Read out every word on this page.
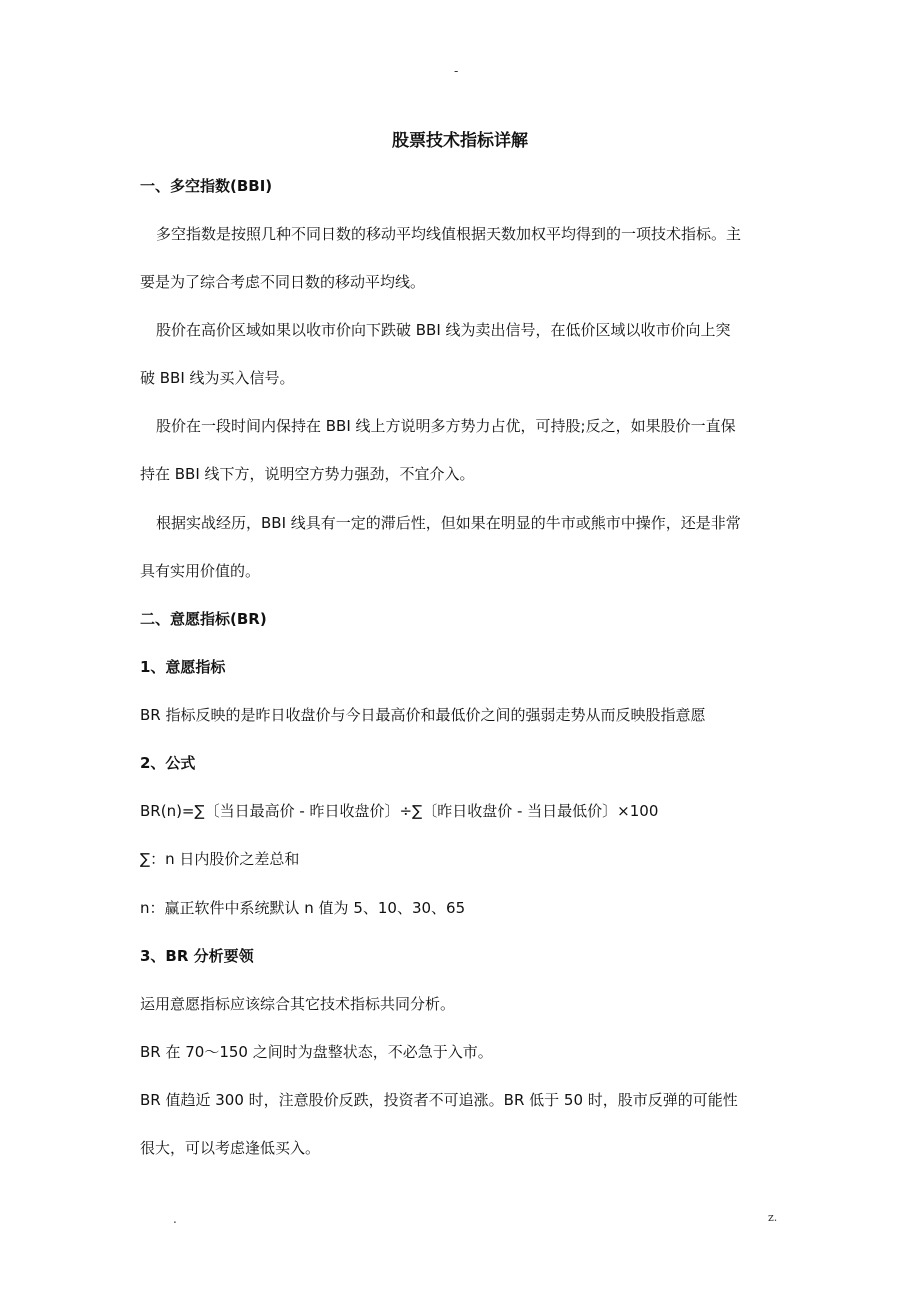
-
股票技术指标详解
一、多空指数(BBI)
多空指数是按照几种不同日数的移动平均线值根据天数加权平均得到的一项技术指标。主
要是为了综合考虑不同日数的移动平均线。
股价在高价区域如果以收市价向下跌破 BBI 线为卖出信号，在低价区域以收市价向上突
破 BBI 线为买入信号。
股价在一段时间内保持在 BBI 线上方说明多方势力占优，可持股;反之，如果股价一直保
持在 BBI 线下方，说明空方势力强劲，不宜介入。
根据实战经历，BBI 线具有一定的滞后性，但如果在明显的牛市或熊市中操作，还是非常
具有实用价值的。
二、意愿指标(BR)
1、意愿指标
BR 指标反映的是昨日收盘价与今日最高价和最低价之间的强弱走势从而反映股指意愿
2、公式
BR(n)=∑〔当日最高价 - 昨日收盘价〕÷∑〔昨日收盘价 - 当日最低价〕×100
∑：n 日内股价之差总和
n：赢正软件中系统默认 n 值为 5、10、30、65
3、BR 分析要领
运用意愿指标应该综合其它技术指标共同分析。
BR 在 70～150 之间时为盘整状态，不必急于入市。
BR 值趋近 300 时，注意股价反跌，投资者不可追涨。BR 低于 50 时，股市反弹的可能性
很大，可以考虑逢低买入。
.	z.
